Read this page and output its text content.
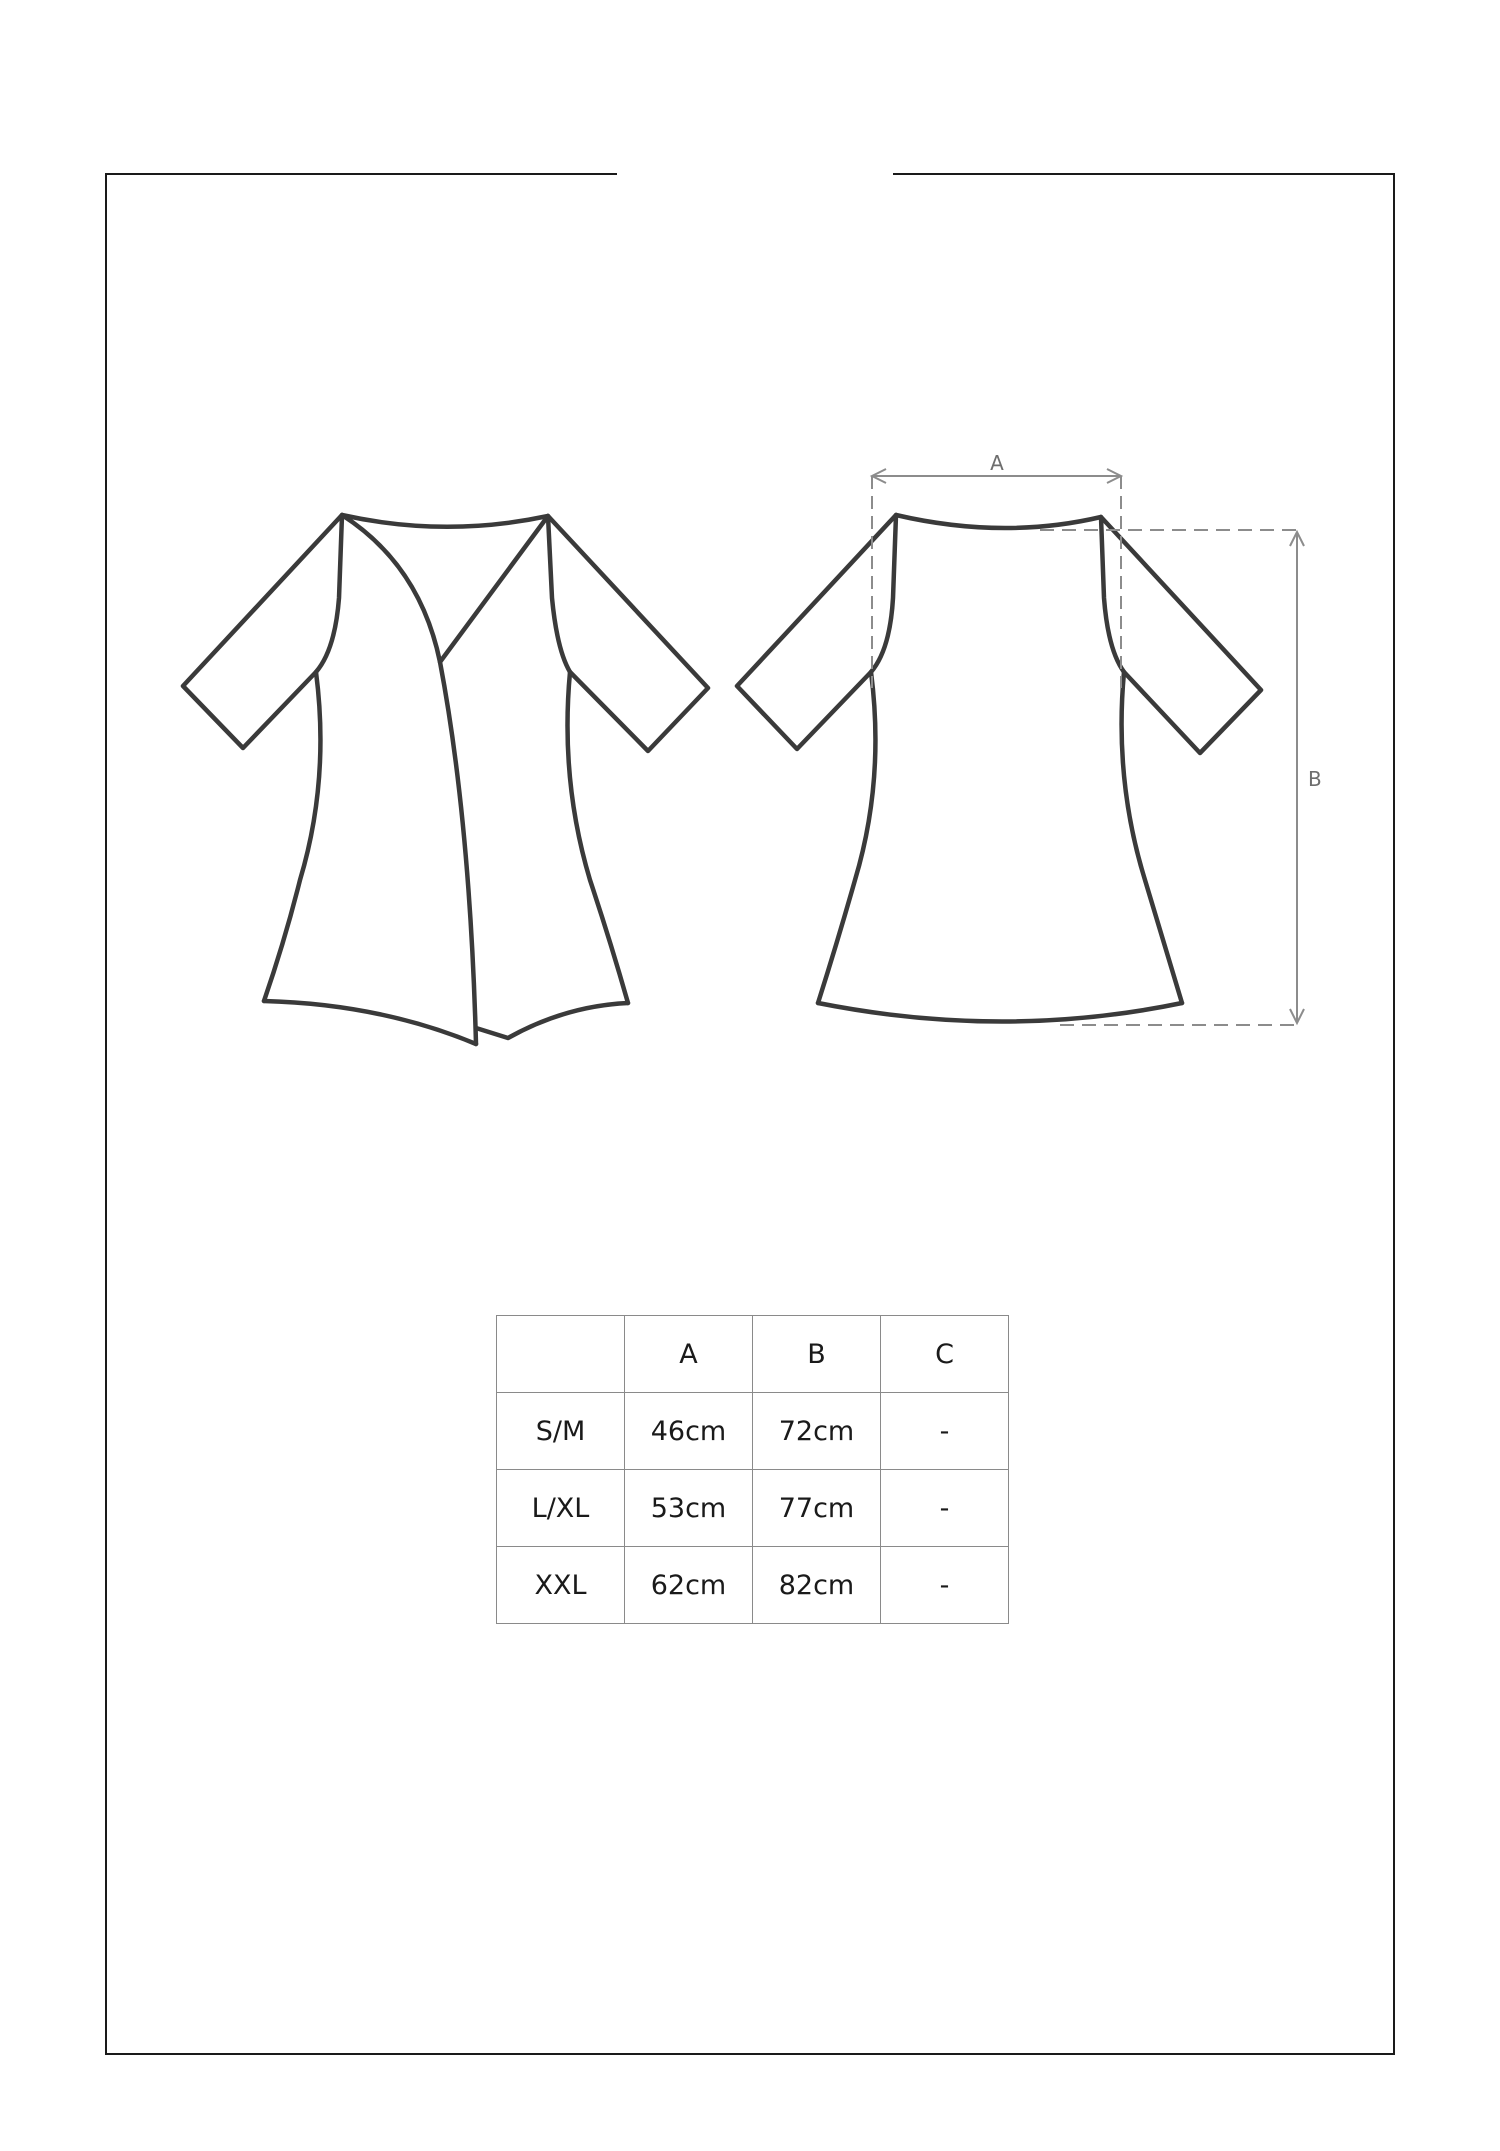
A
B
	A	B	C
S/M	46cm	72cm	-
L/XL	53cm	77cm	-
XXL	62cm	82cm	-
